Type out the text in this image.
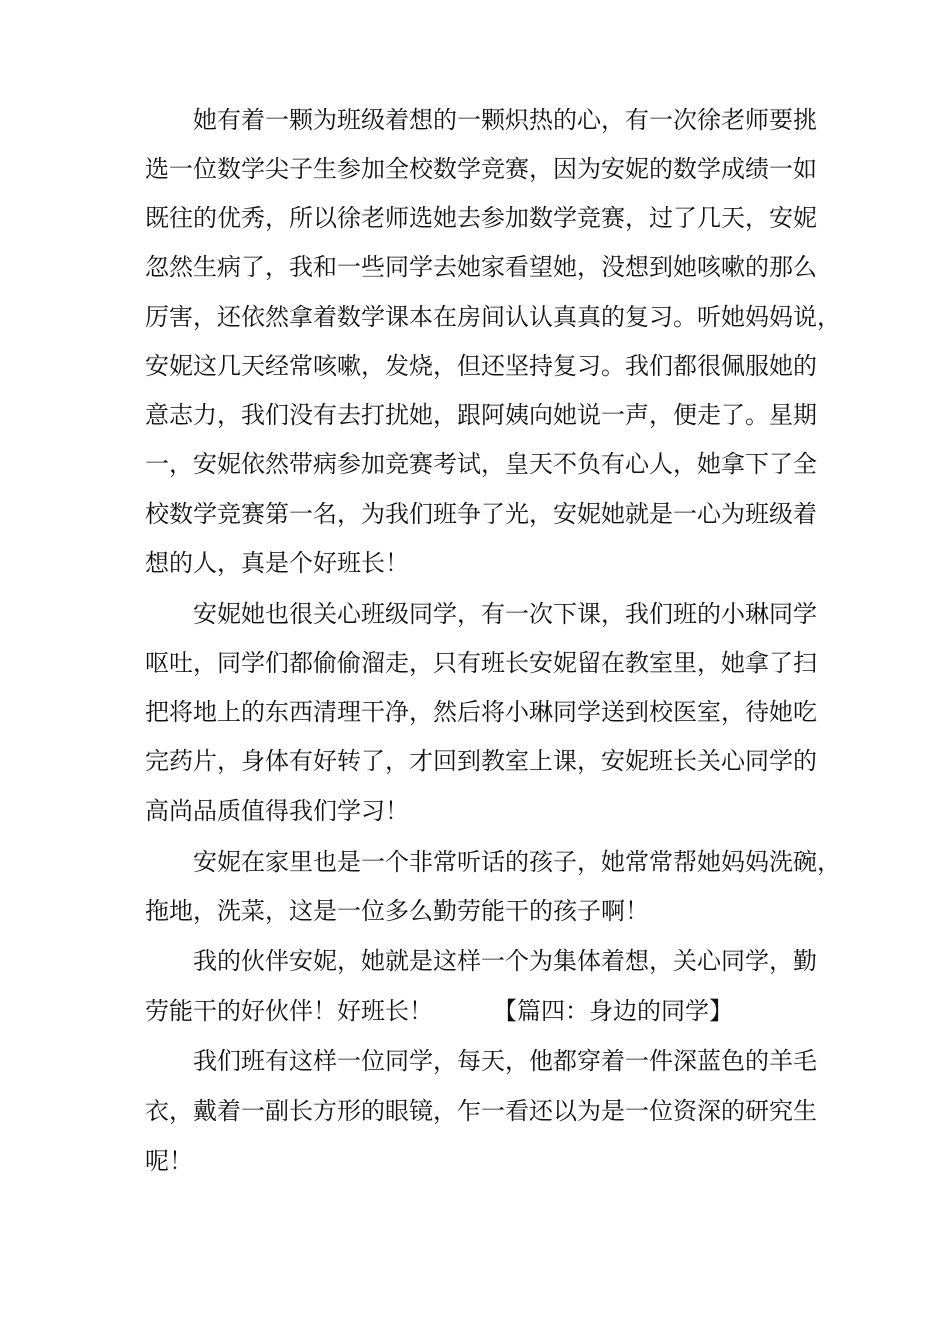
她有着一颗为班级着想的一颗炽热的心，有一次徐老师要挑

选一位数学尖子生参加全校数学竞赛，因为安妮的数学成绩一如

既往的优秀，所以徐老师选她去参加数学竞赛，过了几天，安妮

忽然生病了，我和一些同学去她家看望她，没想到她咳嗽的那么

厉害，还依然拿着数学课本在房间认认真真的复习。听她妈妈说，

安妮这几天经常咳嗽，发烧，但还坚持复习。我们都很佩服她的

意志力，我们没有去打扰她，跟阿姨向她说一声，便走了。星期

一，安妮依然带病参加竞赛考试，皇天不负有心人，她拿下了全

校数学竞赛第一名，为我们班争了光，安妮她就是一心为班级着

想的人，真是个好班长！

安妮她也很关心班级同学，有一次下课，我们班的小琳同学

呕吐，同学们都偷偷溜走，只有班长安妮留在教室里，她拿了扫

把将地上的东西清理干净，然后将小琳同学送到校医室，待她吃

完药片，身体有好转了，才回到教室上课，安妮班长关心同学的

高尚品质值得我们学习！

安妮在家里也是一个非常听话的孩子，她常常帮她妈妈洗碗，

拖地，洗菜，这是一位多么勤劳能干的孩子啊！

我的伙伴安妮，她就是这样一个为集体着想，关心同学，勤

劳能干的好伙伴！好班长！　　　【篇四：身边的同学】

我们班有这样一位同学，每天，他都穿着一件深蓝色的羊毛

衣，戴着一副长方形的眼镜，乍一看还以为是一位资深的研究生

呢！
